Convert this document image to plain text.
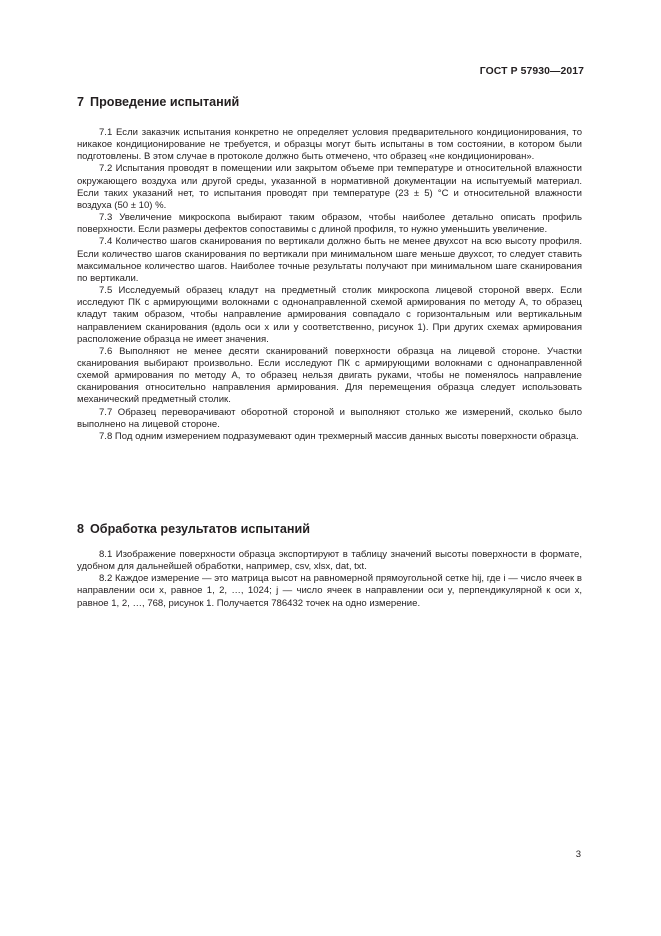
ГОСТ Р 57930—2017
7 Проведение испытаний

7.1 Если заказчик испытания конкретно не определяет условия предварительного кондиционирования, то никакое кондиционирование не требуется, и образцы могут быть испытаны в том состоянии, в котором были подготовлены. В этом случае в протоколе должно быть отмечено, что образец «не кондиционирован».

7.2 Испытания проводят в помещении или закрытом объеме при температуре и относительной влажности окружающего воздуха или другой среды, указанной в нормативной документации на испытуемый материал. Если таких указаний нет, то испытания проводят при температуре (23 ± 5) °С и относительной влажности воздуха (50 ± 10) %.

7.3 Увеличение микроскопа выбирают таким образом, чтобы наиболее детально описать профиль поверхности. Если размеры дефектов сопоставимы с длиной профиля, то нужно уменьшить увеличение.

7.4 Количество шагов сканирования по вертикали должно быть не менее двухсот на всю высоту профиля. Если количество шагов сканирования по вертикали при минимальном шаге меньше двухсот, то следует ставить максимальное количество шагов. Наиболее точные результаты получают при минимальном шаге сканирования по вертикали.

7.5 Исследуемый образец кладут на предметный столик микроскопа лицевой стороной вверх. Если исследуют ПК с армирующими волокнами с однонаправленной схемой армирования по методу А, то образец кладут таким образом, чтобы направление армирования совпадало с горизонтальным или вертикальным направлением сканирования (вдоль оси x или y соответственно, рисунок 1). При других схемах армирования расположение образца не имеет значения.

7.6 Выполняют не менее десяти сканирований поверхности образца на лицевой стороне. Участки сканирования выбирают произвольно. Если исследуют ПК с армирующими волокнами с однонаправленной схемой армирования по методу А, то образец нельзя двигать руками, чтобы не поменялось направление сканирования относительно направления армирования. Для перемещения образца следует использовать механический предметный столик.

7.7 Образец переворачивают оборотной стороной и выполняют столько же измерений, сколько было выполнено на лицевой стороне.

7.8 Под одним измерением подразумевают один трехмерный массив данных высоты поверхности образца.

8 Обработка результатов испытаний

8.1 Изображение поверхности образца экспортируют в таблицу значений высоты поверхности в формате, удобном для дальнейшей обработки, например, csv, xlsx, dat, txt.

8.2 Каждое измерение — это матрица высот на равномерной прямоугольной сетке hij, где i — число ячеек в направлении оси x, равное 1, 2, …, 1024; j — число ячеек в направлении оси y, перпендикулярной к оси x, равное 1, 2, …, 768, рисунок 1. Получается 786432 точек на одно измерение.

3
